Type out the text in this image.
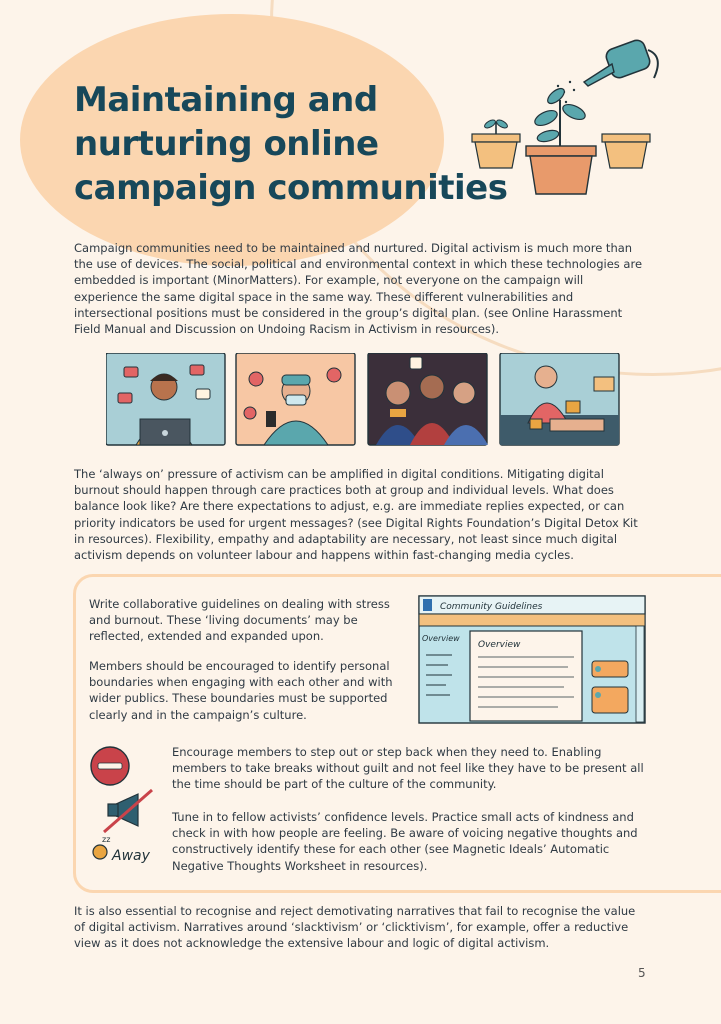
Maintaining and nurturing online campaign communities

Campaign communities need to be maintained and nurtured. Digital activism is much more than the use of devices. The social, political and environmental context in which these technologies are embedded is important (MinorMatters). For example, not everyone on the campaign will experience the same digital space in the same way. These different vulnerabilities and intersectional positions must be considered in the group’s digital plan. (see Online Harassment Field Manual and Discussion on Undoing Racism in Activism in resources).

The ‘always on’ pressure of activism can be amplified in digital conditions. Mitigating digital burnout should happen through care practices both at group and individual levels. What does balance look like? Are there expectations to adjust, e.g. are immediate replies expected, or can priority indicators be used for urgent messages? (see Digital Rights Foundation’s Digital Detox Kit in resources). Flexibility, empathy and adaptability are necessary, not least since much digital activism depends on volunteer labour and happens within fast-changing media cycles.

Write collaborative guidelines on dealing with stress and burnout. These ‘living documents’ may be reflected, extended and expanded upon.

Members should be encouraged to identify personal boundaries when engaging with each other and with wider publics. These boundaries must be supported clearly and in the campaign’s culture.

Community Guidelines
Overview
Overview
zz
Away

Encourage members to step out or step back when they need to. Enabling members to take breaks without guilt and not feel like they have to be present all the time should be part of the culture of the community.

Tune in to fellow activists’ confidence levels. Practice small acts of kindness and check in with how people are feeling. Be aware of voicing negative thoughts and constructively identify these for each other (see Magnetic Ideals’ Automatic Negative Thoughts Worksheet in resources).

It is also essential to recognise and reject demotivating narratives that fail to recognise the value of digital activism. Narratives around ‘slacktivism’ or ‘clicktivism’, for example, offer a reductive view as it does not acknowledge the extensive labour and logic of digital activism.

5
